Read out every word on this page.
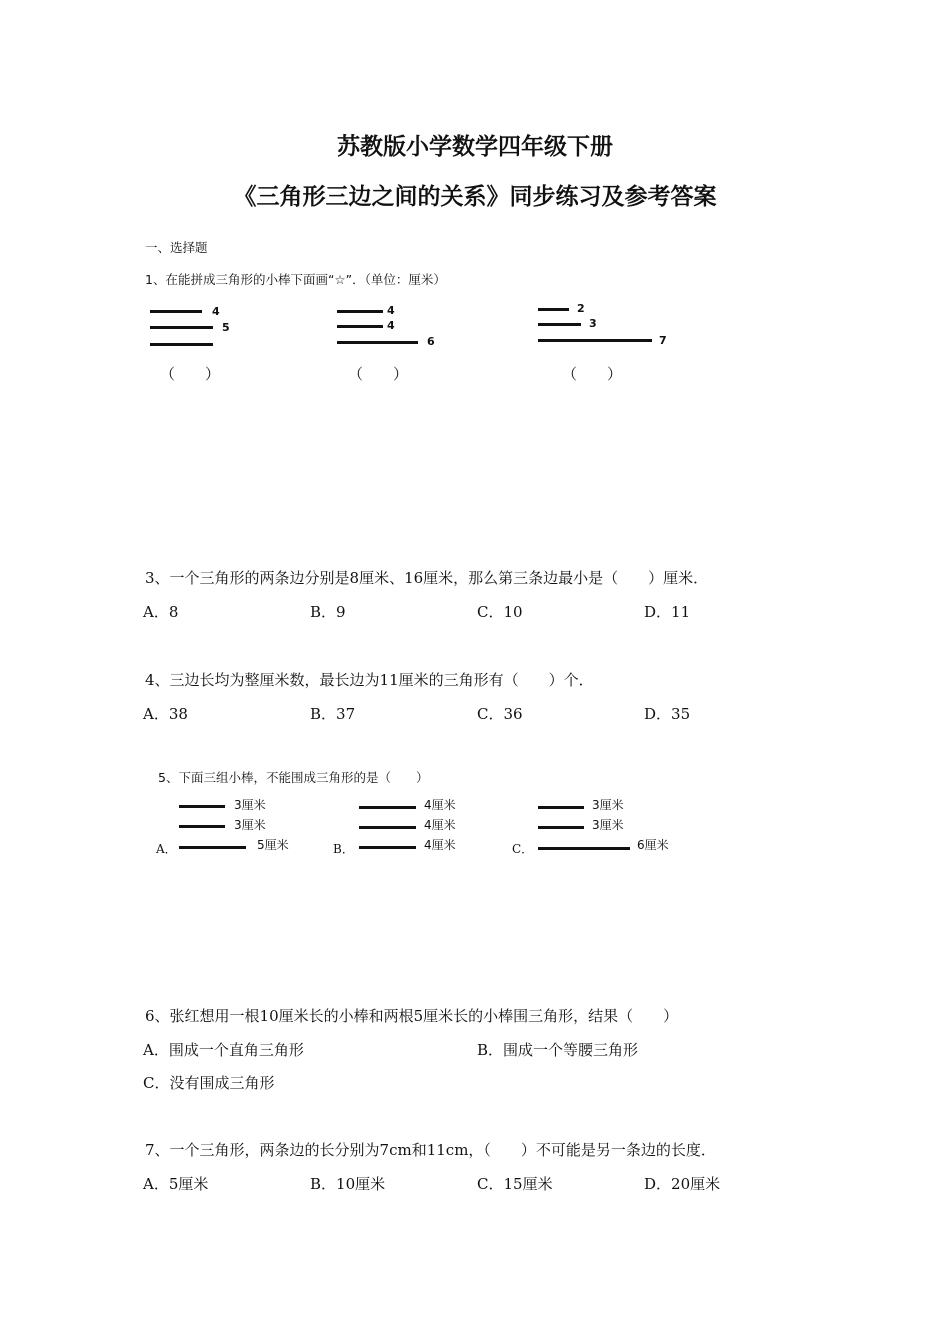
苏教版小学数学四年级下册
《三角形三边之间的关系》同步练习及参考答案
一、选择题
1、在能拼成三角形的小棒下面画“☆”．（单位：厘米）
4
5
（　　）
4
4
6
（　　）
2
3
7
（　　）
3、一个三角形的两条边分别是8厘米、16厘米，那么第三条边最小是（　　）厘米．
A．8	B．9	C．10	D．11
4、三边长均为整厘米数，最长边为11厘米的三角形有（　　）个．
A．38	B．37	C．36	D．35
5、下面三组小棒，不能围成三角形的是（　　）
3厘米
3厘米
5厘米
A．
4厘米
4厘米
4厘米
B．
3厘米
3厘米
6厘米
C．
6、张红想用一根10厘米长的小棒和两根5厘米长的小棒围三角形，结果（　　）
A．围成一个直角三角形	B．围成一个等腰三角形
C．没有围成三角形
7、一个三角形，两条边的长分别为7cm和11cm，（　　）不可能是另一条边的长度．
A．5厘米	B．10厘米	C．15厘米	D．20厘米
